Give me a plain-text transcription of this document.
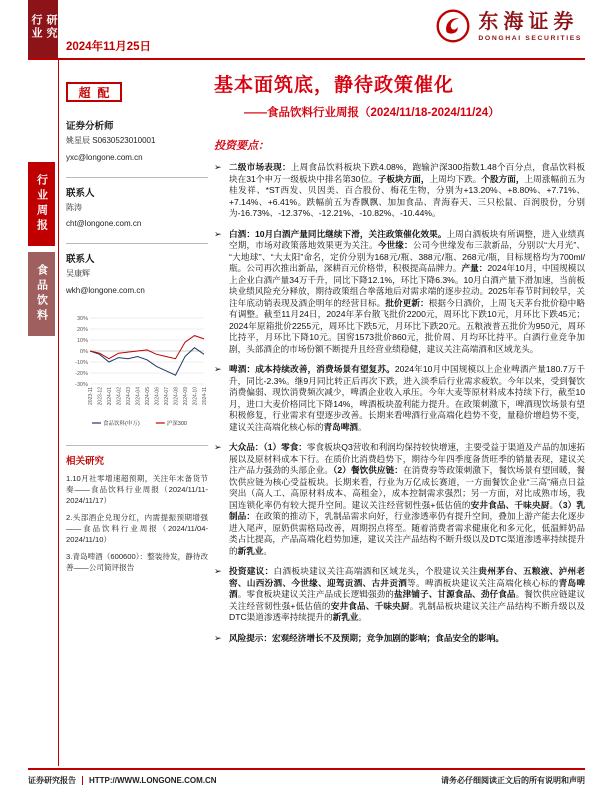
行业研究
2024年11月25日
东海证券
DONGHAI SECURITIES
行业周报
食品饮料
超配
证券分析师
姚星辰 S0630523010001
yxc@longone.com.cn
联系人
陈涛
cht@longone.com.cn
联系人
吴康辉
wkh@longone.com.cn
30%
20%
10%
0%
-10%
-20%
-30%
2023-11 2023-12 2024-01 2024-02 2024-03 2024-04 2024-05 2024-06 2024-07 2024-08 2024-09 2024-10 2024-11
食品饮料(申万)	沪深300
相关研究
1.10月社零增速超预期，关注年末备货节奏——食品饮料行业周报（2024/11/11-2024/11/17）
2.头部酒企兑现分红，内需提振预期增强——食品饮料行业周报（2024/11/04-2024/11/10）
3.青岛啤酒（600600）：整装待发，静待改善——公司简评报告
基本面筑底，静待政策催化
——食品饮料行业周报（2024/11/18-2024/11/24）
投资要点：
➢ 二级市场表现：上周食品饮料板块下跌4.08%，跑输沪深300指数1.48个百分点，食品饮料板块在31个申万一级板块中排名第30位。子板块方面，上周均下跌。个股方面，上周涨幅前五为桂发祥、*ST西发、贝因美、百合股份、梅花生物，分别为+13.20%、+8.80%、+7.71%、+7.14%、+6.41%。跌幅前五为香飘飘、加加食品、青海春天、三只松鼠、百润股份，分别为-16.73%、-12.37%、-12.21%、-10.82%、-10.44%。
➢ 白酒：10月白酒产量同比继续下滑，关注政策催化效果。上周白酒板块有所调整，进入业绩真空期，市场对政策落地效果更为关注。今世缘：公司今世缘发布三款新品，分别以“大月光”、“大地球”、“大太阳”命名，定价分别为168元/瓶、388元/瓶、268元/瓶，目标规格均为700ml/瓶。公司再次推出新品，深耕百元价格带，积极提高品牌力。产量：2024年10月，中国规模以上企业白酒产量34万千升，同比下降12.1%，环比下降6.3%。10月白酒产量下滑加速，当前板块业绩风险充分释放，期待政策组合拳落地后对需求端的逐步拉动。2025年春节时间较早，关注年底动销表现及酒企明年的经营目标。批价更新：根据今日酒价，上周飞天茅台批价稳中略有调整。截至11月24日，2024年茅台散飞批价2200元，周环比下跌10元，月环比下跌45元；2024年原箱批价2255元，周环比下跌5元，月环比下跌20元。五粮液普五批价为950元，周环比持平，月环比下降10元。国窖1573批价860元，批价周、月均环比持平。白酒行业竞争加剧，头部酒企的市场份额不断提升且经营业绩稳健，建议关注高端酒和区域龙头。
➢ 啤酒：成本持续改善，消费场景有望复苏。2024年10月中国规模以上企业啤酒产量180.7万千升，同比-2.3%。继9月同比转正后再次下跌，进入淡季后行业需求疲软。今年以来，受到餐饮消费偏弱、现饮消费频次减少，啤酒企业收入承压。今年大麦等原材料成本持续下行，截至10月，进口大麦价格同比下降14%，啤酒板块盈利能力提升。在政策刺激下，啤酒现饮场景有望积极修复，行业需求有望逐步改善。长期来看啤酒行业高端化趋势不变，量稳价增趋势不变，建议关注高端化核心标的青岛啤酒。
➢ 大众品：（1）零食：零食板块Q3营收和利润均保持较快增速，主要受益于渠道及产品的加速拓展以及原材料成本下行。在质价比消费趋势下，期待今年四季度备货旺季的销量表现，建议关注产品力强劲的头部企业。（2）餐饮供应链：在消费券等政策刺激下，餐饮场景有望回暖，餐饮供应链为核心受益板块。长期来看，行业为万亿成长赛道，一方面餐饮企业“三高”痛点日益突出（高人工、高原材料成本、高租金），成本控制需求强烈；另一方面，对比成熟市场，我国连锁化率仍有较大提升空间。建议关注经营韧性强+低估值的安井食品、千味央厨。（3）乳制品：在政策的推动下，乳制品需求向好，行业渗透率仍有提升空间，叠加上游产能去化逐步进入尾声，原奶供需格局改善，周期拐点将至。随着消费者需求健康化和多元化，低温鲜奶品类占比提高，产品高端化趋势加速，建议关注产品结构不断升级以及DTC渠道渗透率持续提升的新乳业。
➢ 投资建议：白酒板块建议关注高端酒和区域龙头，个股建议关注贵州茅台、五粮液、泸州老窖、山西汾酒、今世缘、迎驾贡酒、古井贡酒等。啤酒板块建议关注高端化核心标的青岛啤酒。零食板块建议关注产品成长逻辑强劲的盐津铺子、甘源食品、劲仔食品。餐饮供应链建议关注经营韧性强+低估值的安井食品、千味央厨。乳制品板块建议关注产品结构不断升级以及DTC渠道渗透率持续提升的新乳业。
➢ 风险提示：宏观经济增长不及预期；竞争加剧的影响；食品安全的影响。
证券研究报告 HTTP://WWW.LONGONE.COM.CN	请务必仔细阅读正文后的所有说明和声明
